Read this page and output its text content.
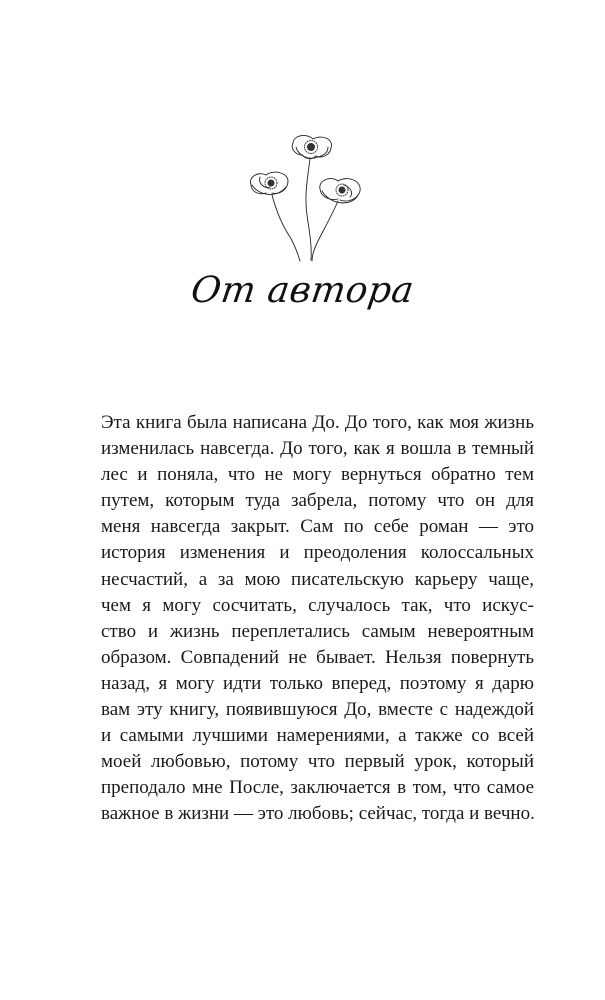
От автора
Эта книга была написана До. До того, как моя жизнь
изменилась навсегда. До того, как я вошла в темный
лес и поняла, что не могу вернуться обратно тем
путем, которым туда забрела, потому что он для
меня навсегда закрыт. Сам по себе роман — это
история изменения и преодоления колоссальных
несчастий, а за мою писательскую карьеру чаще,
чем я могу сосчитать, случалось так, что искус-
ство и жизнь переплетались самым невероятным
образом. Совпадений не бывает. Нельзя повернуть
назад, я могу идти только вперед, поэтому я дарю
вам эту книгу, появившуюся До, вместе с надеждой
и самыми лучшими намерениями, а также со всей
моей любовью, потому что первый урок, который
преподало мне После, заключается в том, что самое
важное в жизни — это любовь; сейчас, тогда и вечно.
